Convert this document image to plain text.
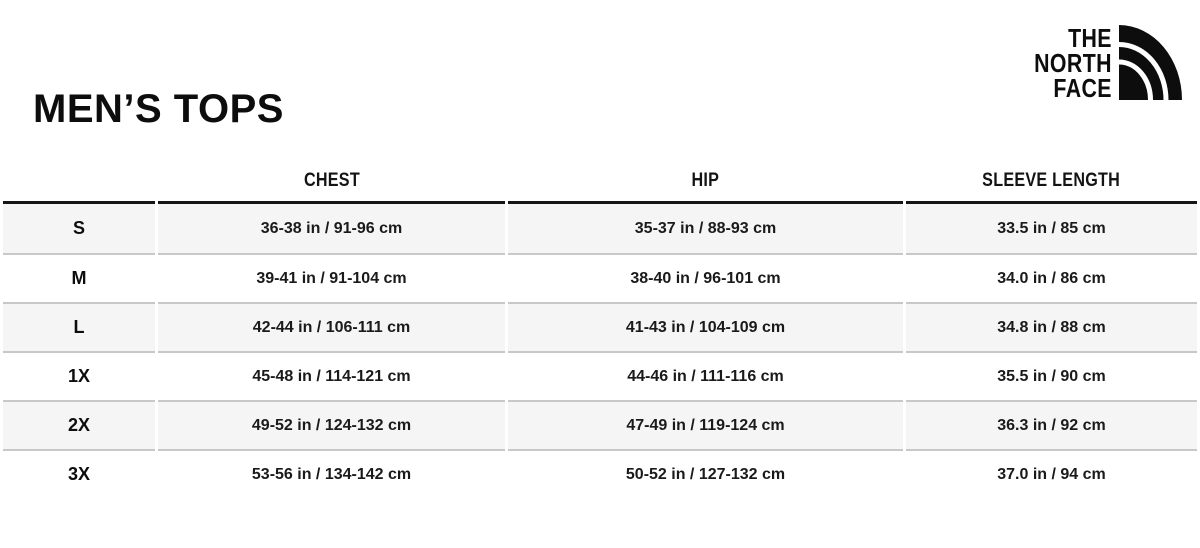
MEN’S TOPS
THE
NORTH
FACE
	CHEST	HIP	SLEEVE LENGTH
S	36-38 in / 91-96 cm	35-37 in / 88-93 cm	33.5 in / 85 cm
M	39-41 in / 91-104 cm	38-40 in / 96-101 cm	34.0 in / 86 cm
L	42-44 in / 106-111 cm	41-43 in / 104-109 cm	34.8 in / 88 cm
1X	45-48 in / 114-121 cm	44-46 in / 111-116 cm	35.5 in / 90 cm
2X	49-52 in / 124-132 cm	47-49 in / 119-124 cm	36.3 in / 92 cm
3X	53-56 in / 134-142 cm	50-52 in / 127-132 cm	37.0 in / 94 cm
